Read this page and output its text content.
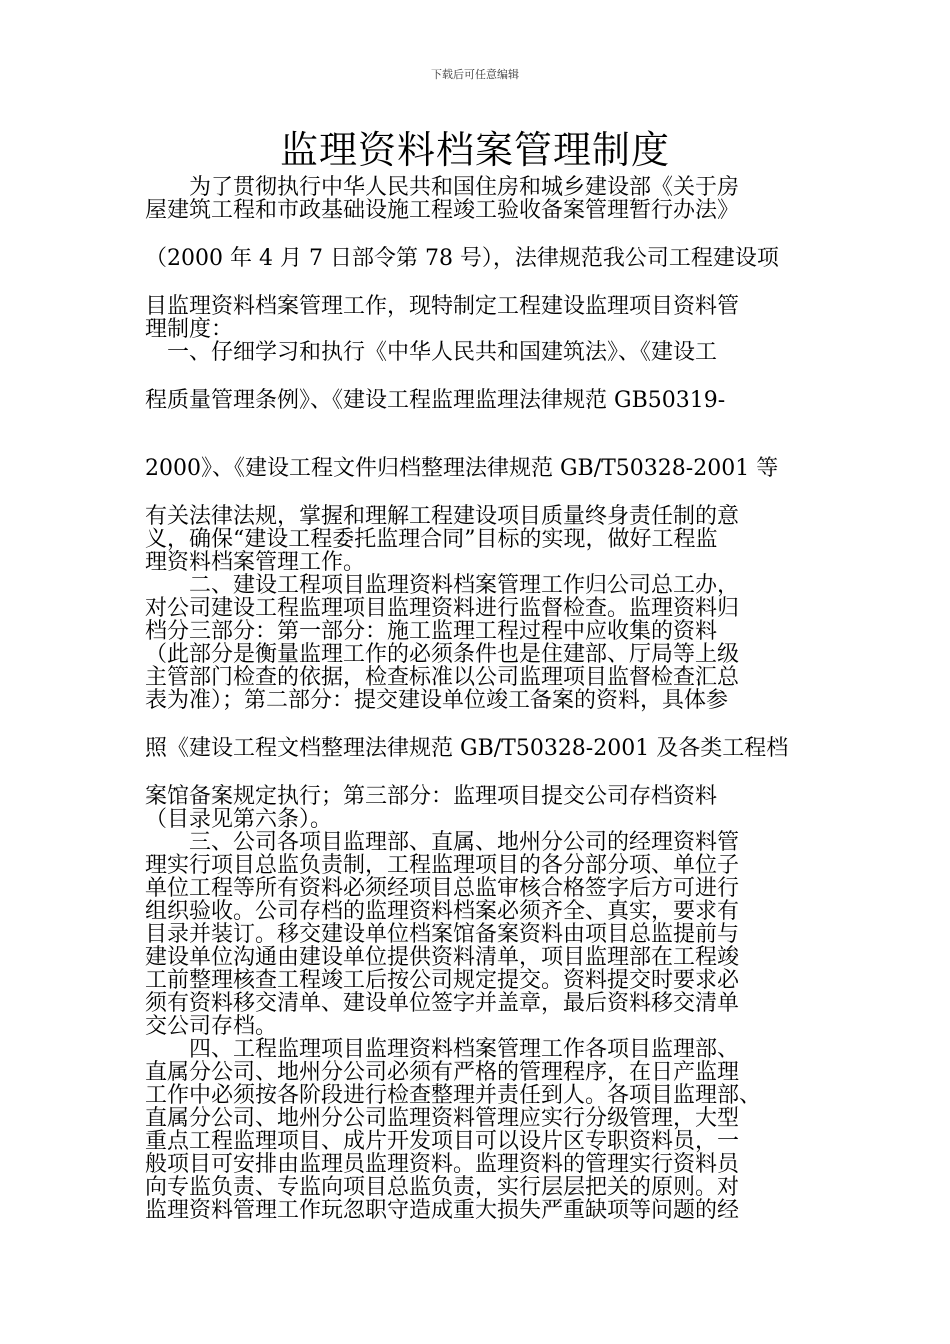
下载后可任意编辑
监理资料档案管理制度
　　为了贯彻执行中华人民共和国住房和城乡建设部《关于房
屋建筑工程和市政基础设施工程竣工验收备案管理暂行办法》
（2000 年 4 月 7 日部令第 78 号），法律规范我公司工程建设项
目监理资料档案管理工作，现特制定工程建设监理项目资料管
理制度：
　一、仔细学习和执行《中华人民共和国建筑法》、《建设工
程质量管理条例》、《建设工程监理监理法律规范 GB50319-
2000》、《建设工程文件归档整理法律规范 GB/T50328-2001 等
有关法律法规，掌握和理解工程建设项目质量终身责任制的意
义，确保“建设工程委托监理合同”目标的实现，做好工程监
理资料档案管理工作。
　　二、建设工程项目监理资料档案管理工作归公司总工办，
对公司建设工程监理项目监理资料进行监督检查。监理资料归
档分三部分：第一部分：施工监理工程过程中应收集的资料
（此部分是衡量监理工作的必须条件也是住建部、厅局等上级
主管部门检查的依据，检查标准以公司监理项目监督检查汇总
表为准）；第二部分：提交建设单位竣工备案的资料，具体参
照《建设工程文档整理法律规范 GB/T50328-2001 及各类工程档
案馆备案规定执行；第三部分：监理项目提交公司存档资料
（目录见第六条）。
　　三、公司各项目监理部、直属、地州分公司的经理资料管
理实行项目总监负责制，工程监理项目的各分部分项、单位子
单位工程等所有资料必须经项目总监审核合格签字后方可进行
组织验收。公司存档的监理资料档案必须齐全、真实，要求有
目录并装订。移交建设单位档案馆备案资料由项目总监提前与
建设单位沟通由建设单位提供资料清单，项目监理部在工程竣
工前整理核查工程竣工后按公司规定提交。资料提交时要求必
须有资料移交清单、建设单位签字并盖章，最后资料移交清单
交公司存档。
　　四、工程监理项目监理资料档案管理工作各项目监理部、
直属分公司、地州分公司必须有严格的管理程序，在日产监理
工作中必须按各阶段进行检查整理并责任到人。各项目监理部、
直属分公司、地州分公司监理资料管理应实行分级管理，大型
重点工程监理项目、成片开发项目可以设片区专职资料员，一
般项目可安排由监理员监理资料。监理资料的管理实行资料员
向专监负责、专监向项目总监负责，实行层层把关的原则。对
监理资料管理工作玩忽职守造成重大损失严重缺项等问题的经
